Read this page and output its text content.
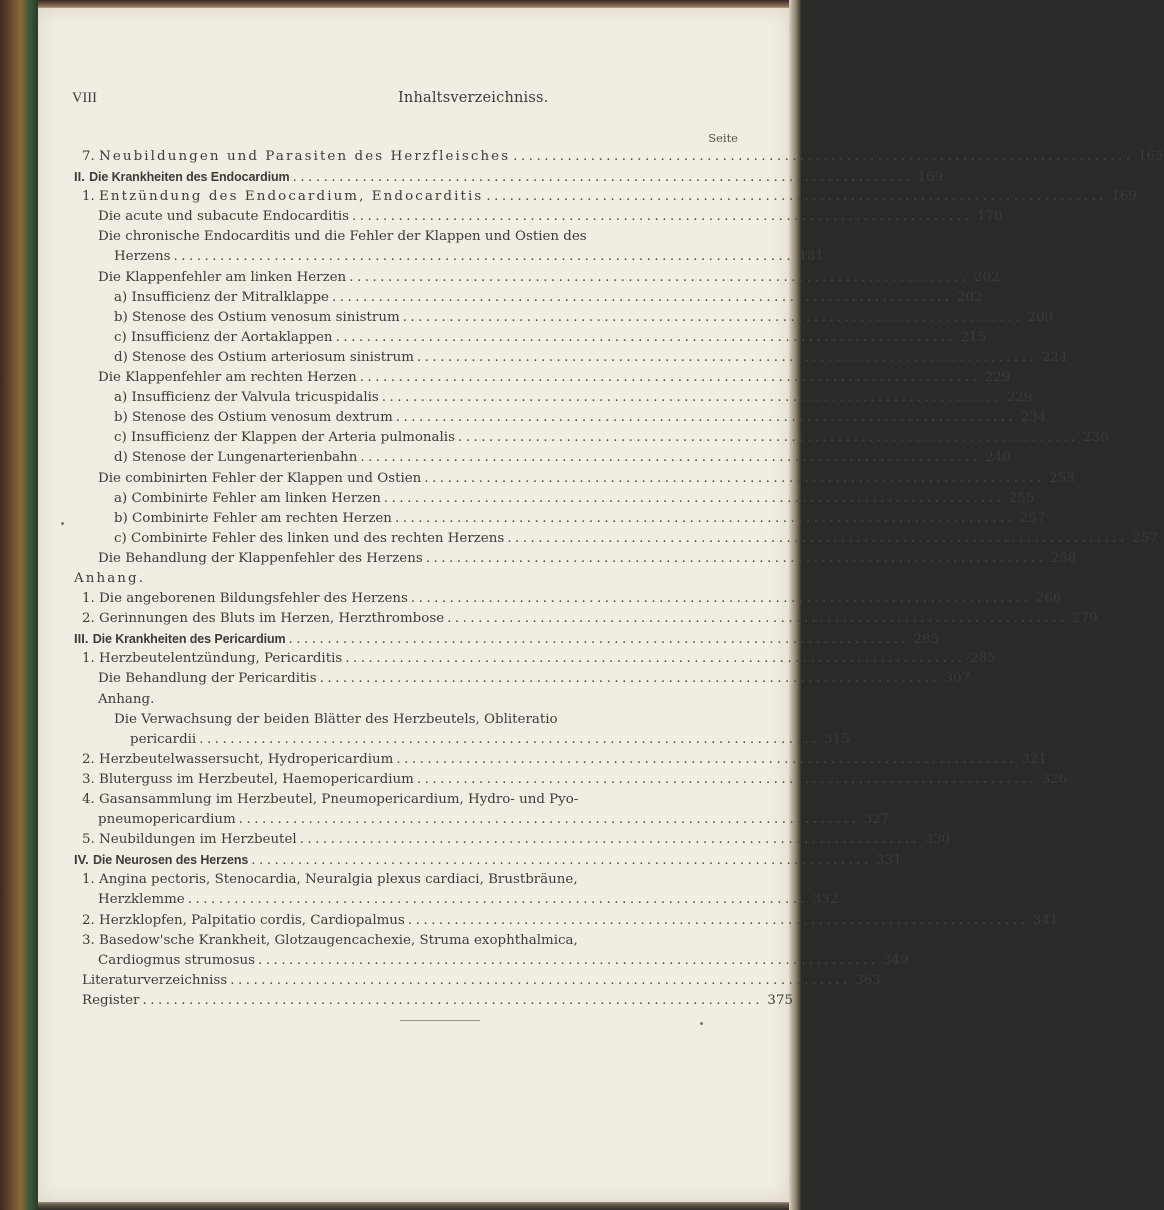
VIII	Inhaltsverzeichniss.
Seite
7. Neubildungen und Parasiten des Herzfleisches ................................................................................ 165
II. Die Krankheiten des Endocardium ................................................................................ 169
1. Entzündung des Endocardium, Endocarditis ................................................................................ 169
Die acute und subacute Endocarditis ................................................................................ 170
Die chronische Endocarditis und die Fehler der Klappen und Ostien des
Herzens ................................................................................ 181
Die Klappenfehler am linken Herzen ................................................................................ 202
a) Insufficienz der Mitralklappe ................................................................................ 202
b) Stenose des Ostium venosum sinistrum ................................................................................ 209
c) Insufficienz der Aortaklappen ................................................................................ 215
d) Stenose des Ostium arteriosum sinistrum ................................................................................ 224
Die Klappenfehler am rechten Herzen ................................................................................ 229
a) Insufficienz der Valvula tricuspidalis ................................................................................ 229
b) Stenose des Ostium venosum dextrum ................................................................................ 234
c) Insufficienz der Klappen der Arteria pulmonalis ................................................................................ 236
d) Stenose der Lungenarterienbahn ................................................................................ 240
Die combinirten Fehler der Klappen und Ostien ................................................................................ 253
a) Combinirte Fehler am linken Herzen ................................................................................ 255
b) Combinirte Fehler am rechten Herzen ................................................................................ 257
c) Combinirte Fehler des linken und des rechten Herzens ................................................................................ 257
Die Behandlung der Klappenfehler des Herzens ................................................................................ 258
Anhang.
1. Die angeborenen Bildungsfehler des Herzens ................................................................................ 266
2. Gerinnungen des Bluts im Herzen, Herzthrombose ................................................................................ 279
III. Die Krankheiten des Pericardium ................................................................................ 285
1. Herzbeutelentzündung, Pericarditis ................................................................................ 285
Die Behandlung der Pericarditis ................................................................................ 307
Anhang.
Die Verwachsung der beiden Blätter des Herzbeutels, Obliteratio
pericardii ................................................................................ 315
2. Herzbeutelwassersucht, Hydropericardium ................................................................................ 321
3. Bluterguss im Herzbeutel, Haemopericardium ................................................................................ 326
4. Gasansammlung im Herzbeutel, Pneumopericardium, Hydro- und Pyo-
pneumopericardium ................................................................................ 327
5. Neubildungen im Herzbeutel ................................................................................ 330
IV. Die Neurosen des Herzens ................................................................................ 331
1. Angina pectoris, Stenocardia, Neuralgia plexus cardiaci, Brustbräune,
Herzklemme ................................................................................ 332
2. Herzklopfen, Palpitatio cordis, Cardiopalmus ................................................................................ 341
3. Basedow'sche Krankheit, Glotzaugencachexie, Struma exophthalmica,
Cardiogmus strumosus ................................................................................ 349
Literaturverzeichniss ................................................................................ 363
Register ................................................................................ 375
